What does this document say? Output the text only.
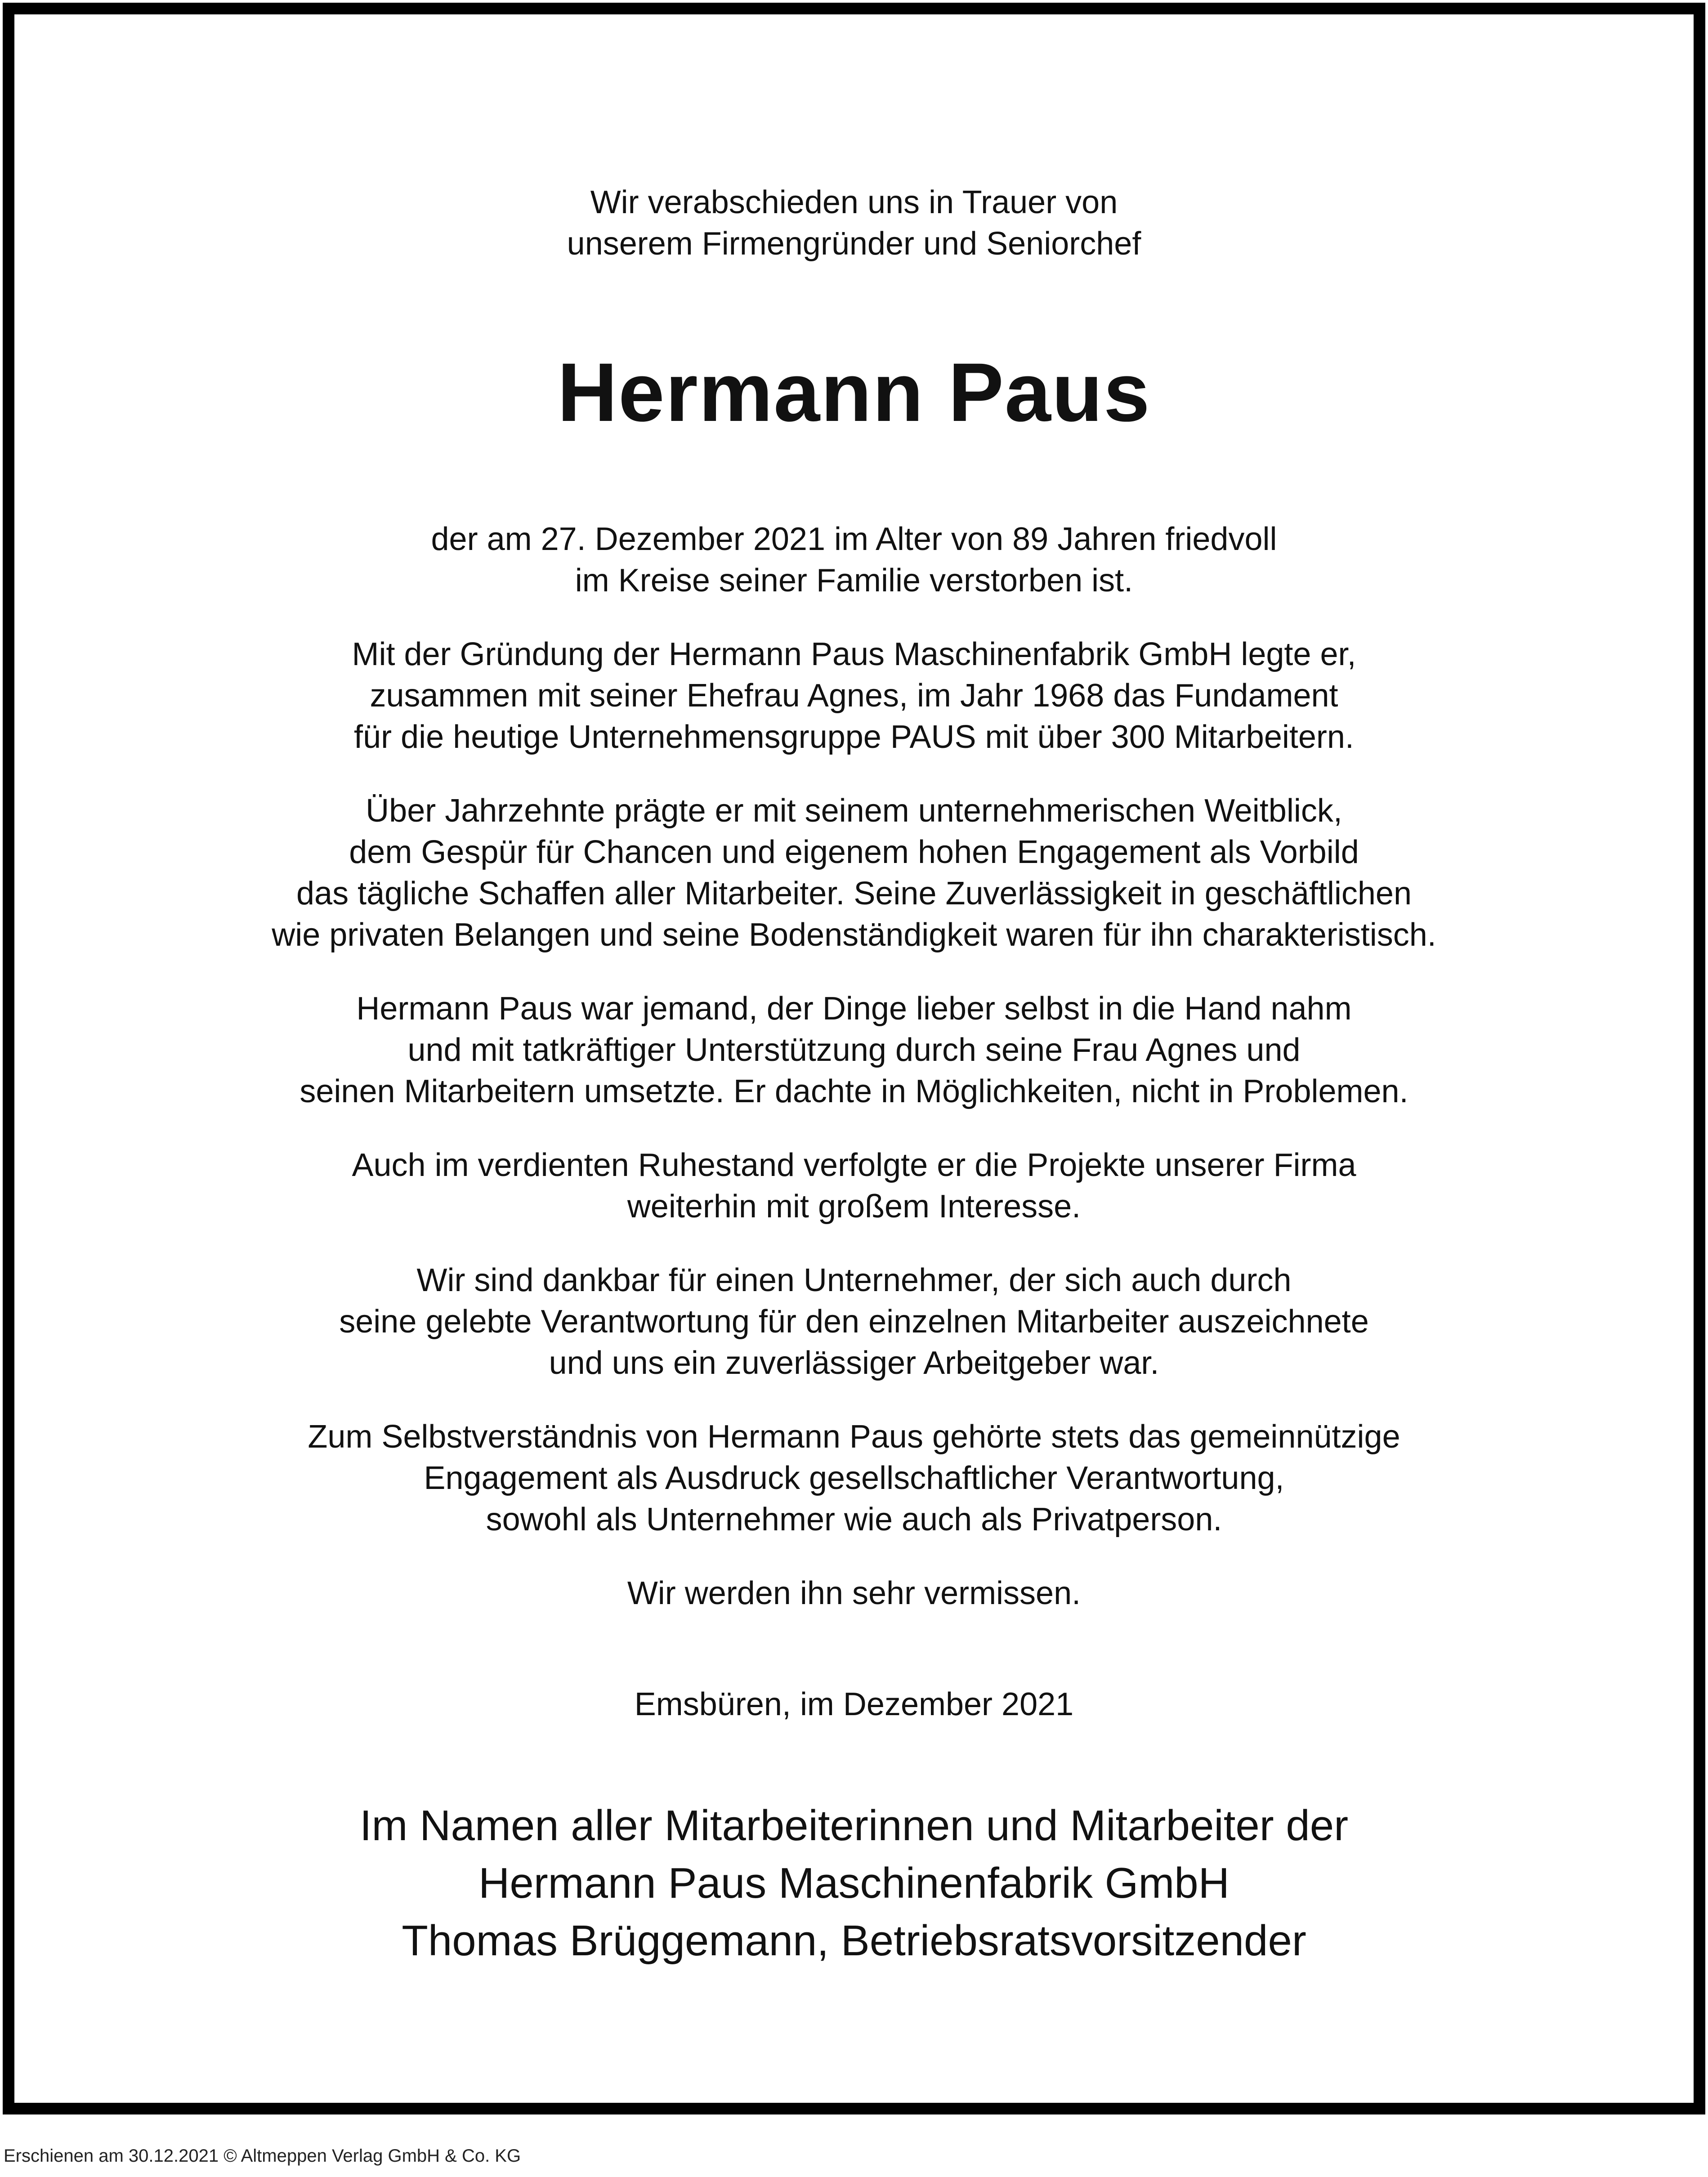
Wir verabschieden uns in Trauer von
unserem Firmengründer und Seniorchef

Hermann Paus

der am 27. Dezember 2021 im Alter von 89 Jahren friedvoll
im Kreise seiner Familie verstorben ist.

Mit der Gründung der Hermann Paus Maschinenfabrik GmbH legte er,
zusammen mit seiner Ehefrau Agnes, im Jahr 1968 das Fundament
für die heutige Unternehmensgruppe PAUS mit über 300 Mitarbeitern.

Über Jahrzehnte prägte er mit seinem unternehmerischen Weitblick,
dem Gespür für Chancen und eigenem hohen Engagement als Vorbild
das tägliche Schaffen aller Mitarbeiter. Seine Zuverlässigkeit in geschäftlichen
wie privaten Belangen und seine Bodenständigkeit waren für ihn charakteristisch.

Hermann Paus war jemand, der Dinge lieber selbst in die Hand nahm
und mit tatkräftiger Unterstützung durch seine Frau Agnes und
seinen Mitarbeitern umsetzte. Er dachte in Möglichkeiten, nicht in Problemen.

Auch im verdienten Ruhestand verfolgte er die Projekte unserer Firma
weiterhin mit großem Interesse.

Wir sind dankbar für einen Unternehmer, der sich auch durch
seine gelebte Verantwortung für den einzelnen Mitarbeiter auszeichnete
und uns ein zuverlässiger Arbeitgeber war.

Zum Selbstverständnis von Hermann Paus gehörte stets das gemeinnützige
Engagement als Ausdruck gesellschaftlicher Verantwortung,
sowohl als Unternehmer wie auch als Privatperson.

Wir werden ihn sehr vermissen.

Emsbüren, im Dezember 2021

Im Namen aller Mitarbeiterinnen und Mitarbeiter der
Hermann Paus Maschinenfabrik GmbH
Thomas Brüggemann, Betriebsratsvorsitzender

Erschienen am 30.12.2021 © Altmeppen Verlag GmbH & Co. KG
